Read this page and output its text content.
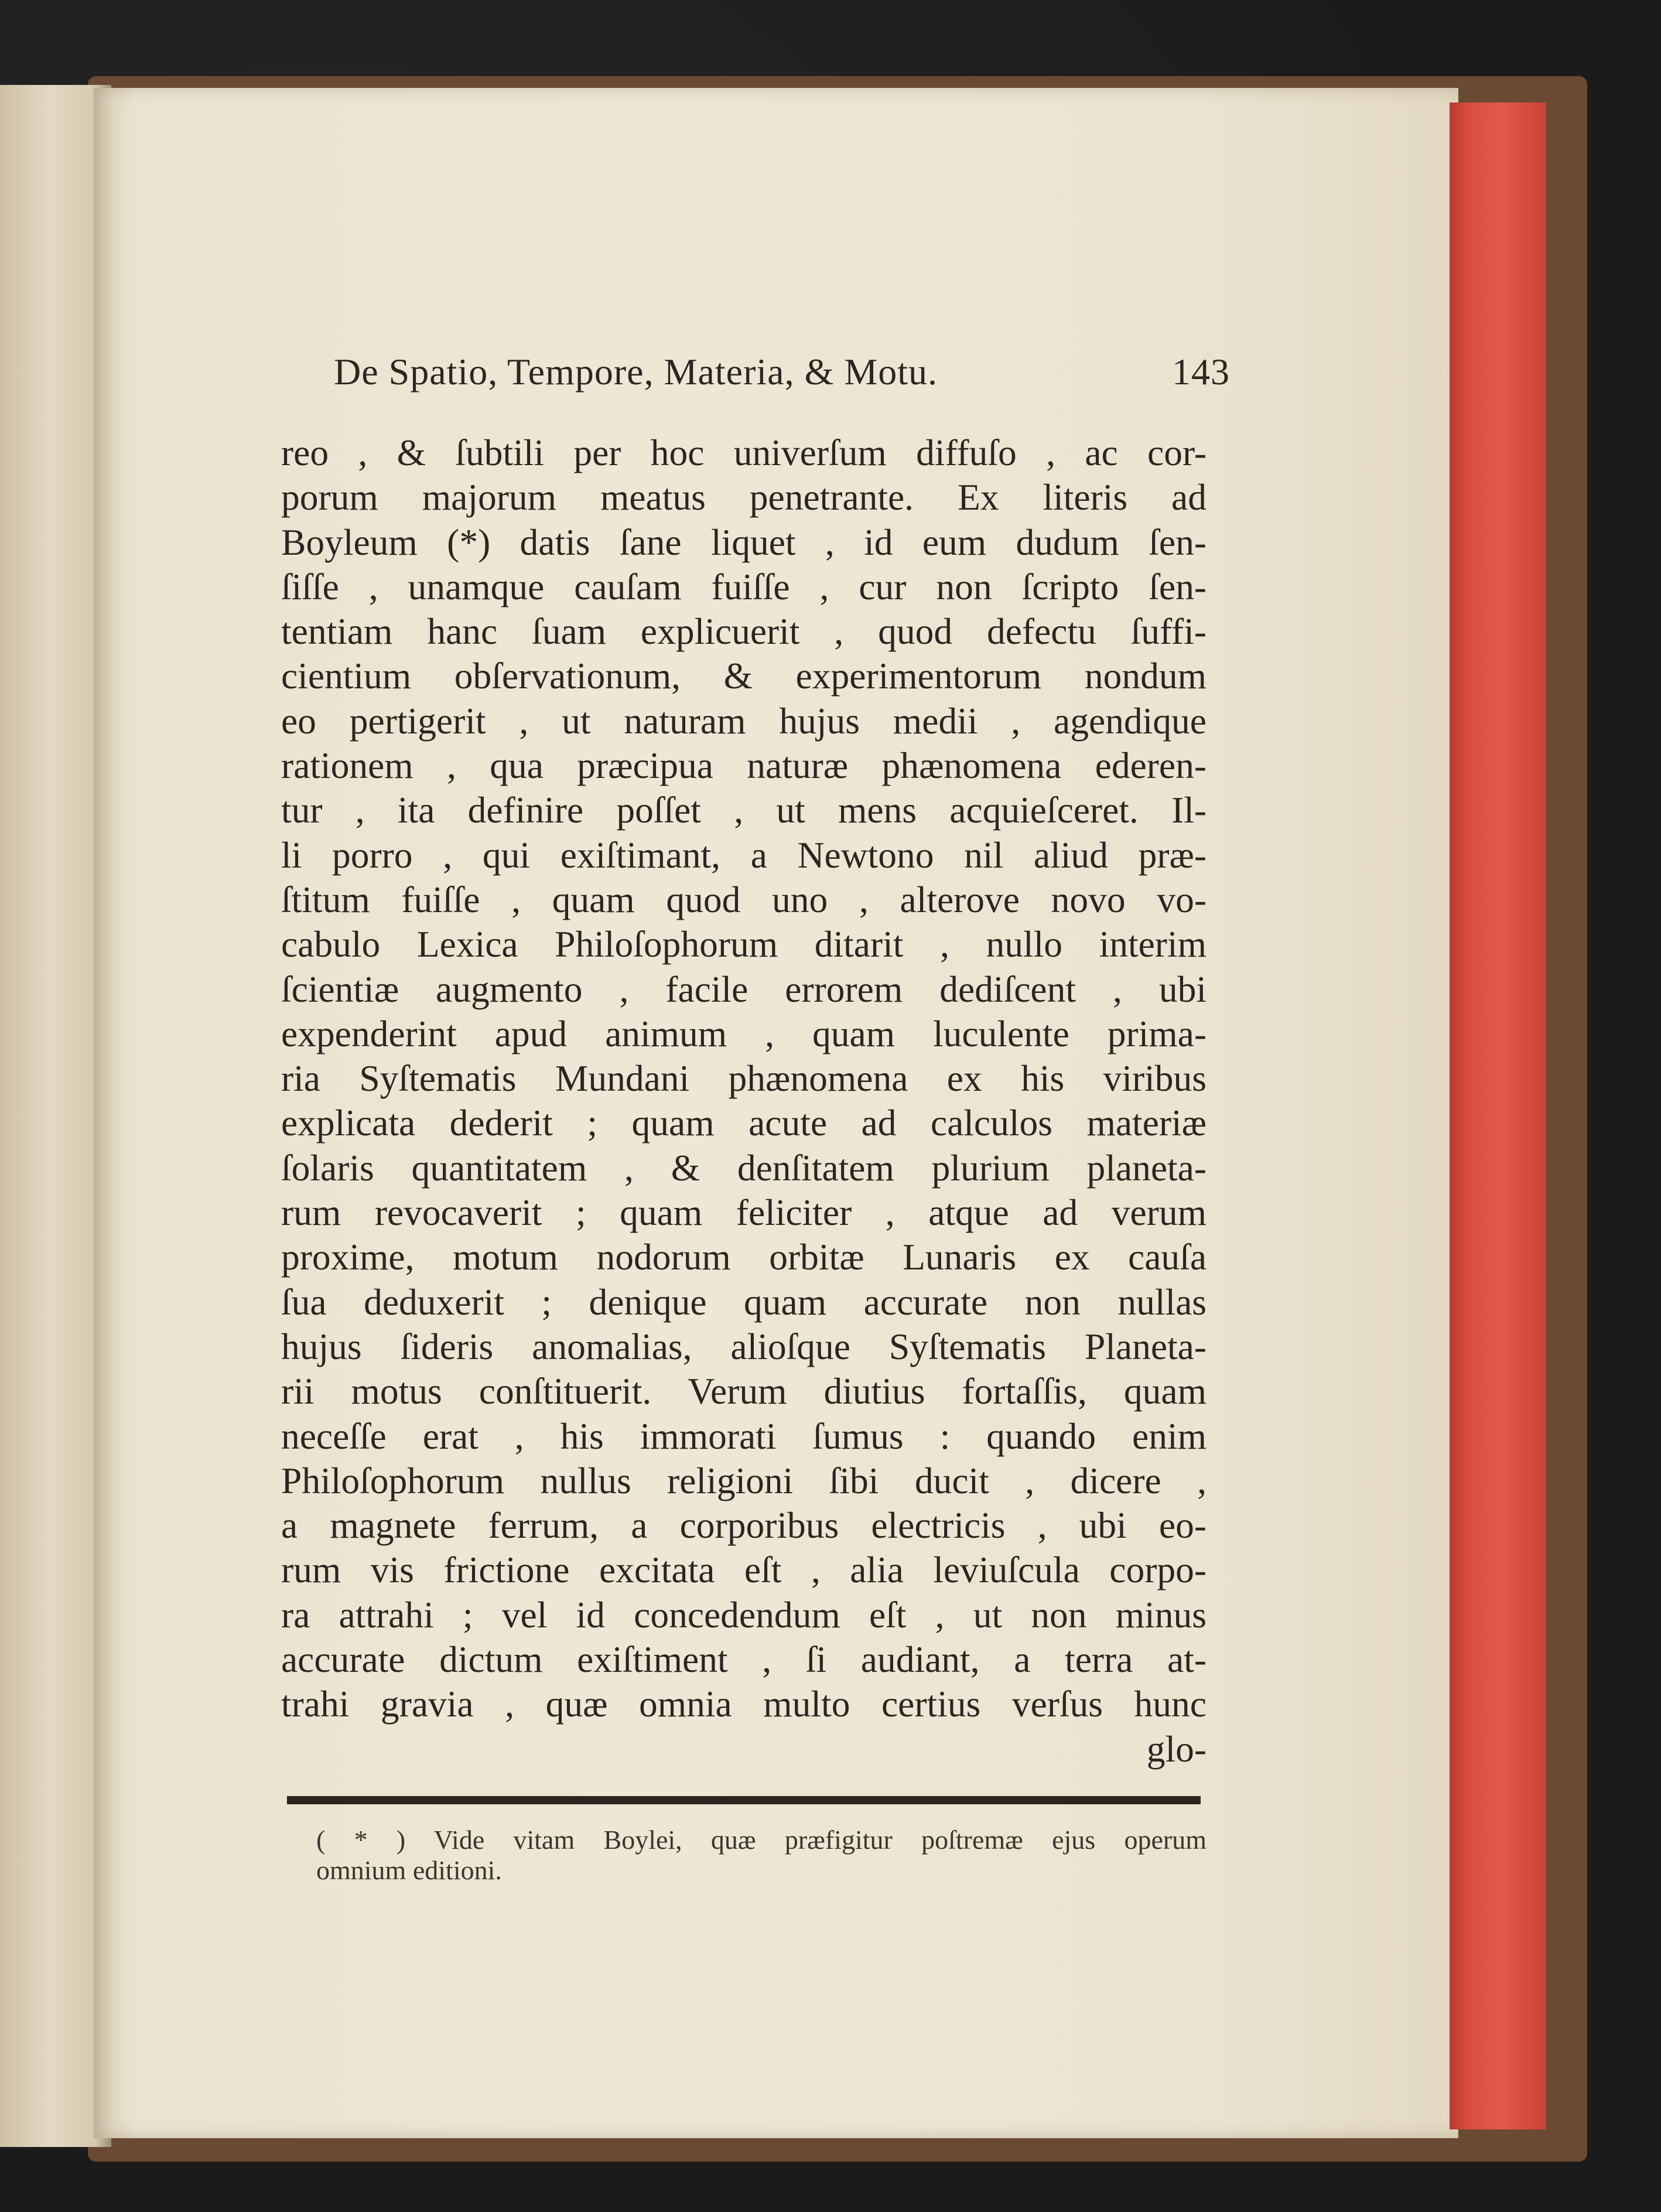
De Spatio, Tempore, Materia, & Motu.	143
reo , & ſubtili per hoc univerſum diffuſo , ac cor-
porum majorum meatus penetrante. Ex literis ad
Boyleum (*) datis ſane liquet , id eum dudum ſen-
ſiſſe , unamque cauſam fuiſſe , cur non ſcripto ſen-
tentiam hanc ſuam explicuerit , quod defectu ſuffi-
cientium obſervationum, & experimentorum nondum
eo pertigerit , ut naturam hujus medii , agendique
rationem , qua præcipua naturæ phænomena ederen-
tur , ita definire poſſet , ut mens acquieſceret. Il-
li porro , qui exiſtimant, a Newtono nil aliud præ-
ſtitum fuiſſe , quam quod uno , alterove novo vo-
cabulo Lexica Philoſophorum ditarit , nullo interim
ſcientiæ augmento , facile errorem dediſcent , ubi
expenderint apud animum , quam luculente prima-
ria Syſtematis Mundani phænomena ex his viribus
explicata dederit ; quam acute ad calculos materiæ
ſolaris quantitatem , & denſitatem plurium planeta-
rum revocaverit ; quam feliciter , atque ad verum
proxime, motum nodorum orbitæ Lunaris ex cauſa
ſua deduxerit ; denique quam accurate non nullas
hujus ſideris anomalias, alioſque Syſtematis Planeta-
rii motus conſtituerit. Verum diutius fortaſſis, quam
neceſſe erat , his immorati ſumus : quando enim
Philoſophorum nullus religioni ſibi ducit , dicere ,
a magnete ferrum, a corporibus electricis , ubi eo-
rum vis frictione excitata eſt , alia leviuſcula corpo-
ra attrahi ; vel id concedendum eſt , ut non minus
accurate dictum exiſtiment , ſi audiant, a terra at-
trahi gravia , quæ omnia multo certius verſus hunc
glo-
( * ) Vide vitam Boylei, quæ præfigitur poſtremæ ejus operum
omnium editioni.
